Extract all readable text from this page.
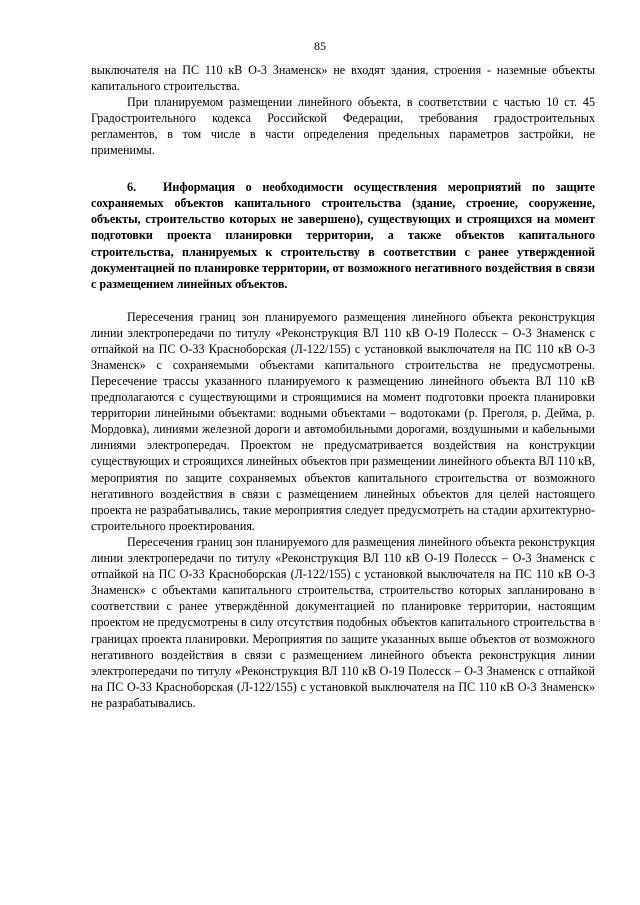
85

выключателя на ПС 110 кВ О-3 Знаменск» не входят здания, строения - наземные объекты капитального строительства.

При планируемом размещении линейного объекта, в соответствии с частью 10 ст. 45 Градостроительного кодекса Российской Федерации, требования градостроительных регламентов, в том числе в части определения предельных параметров застройки, не применимы.

6. Информация о необходимости осуществления мероприятий по защите сохраняемых объектов капитального строительства (здание, строение, сооружение, объекты, строительство которых не завершено), существующих и строящихся на момент подготовки проекта планировки территории, а также объектов капитального строительства, планируемых к строительству в соответствии с ранее утвержденной документацией по планировке территории, от возможного негативного воздействия в связи с размещением линейных объектов.

Пересечения границ зон планируемого размещения линейного объекта реконструкция линии электропередачи по титулу «Реконструкция ВЛ 110 кВ О-19 Полесск – О-3 Знаменск с отпайкой на ПС О-33 Красноборская (Л-122/155) с установкой выключателя на ПС 110 кВ О-3 Знаменск» с сохраняемыми объектами капитального строительства не предусмотрены. Пересечение трассы указанного планируемого к размещению линейного объекта ВЛ 110 кВ предполагаются с существующими и строящимися на момент подготовки проекта планировки территории линейными объектами: водными объектами – водотоками (р. Преголя, р. Дейма, р. Мордовка), линиями железной дороги и автомобильными дорогами, воздушными и кабельными линиями электропередач. Проектом не предусматривается воздействия на конструкции существующих и строящихся линейных объектов при размещении линейного объекта ВЛ 110 кВ, мероприятия по защите сохраняемых объектов капитального строительства от возможного негативного воздействия в связи с размещением линейных объектов для целей настоящего проекта не разрабатывались, такие мероприятия следует предусмотреть на стадии архитектурно-строительного проектирования.

Пересечения границ зон планируемого для размещения линейного объекта реконструкция линии электропередачи по титулу «Реконструкция ВЛ 110 кВ О-19 Полесск – О-3 Знаменск с отпайкой на ПС О-33 Красноборская (Л-122/155) с установкой выключателя на ПС 110 кВ О-3 Знаменск» с объектами капитального строительства, строительство которых запланировано в соответствии с ранее утверждённой документацией по планировке территории, настоящим проектом не предусмотрены в силу отсутствия подобных объектов капитального строительства в границах проекта планировки. Мероприятия по защите указанных выше объектов от возможного негативного воздействия в связи с размещением линейного объекта реконструкция линии электропередачи по титулу «Реконструкция ВЛ 110 кВ О-19 Полесск – О-3 Знаменск с отпайкой на ПС О-33 Красноборская (Л-122/155) с установкой выключателя на ПС 110 кВ О-3 Знаменск» не разрабатывались.
